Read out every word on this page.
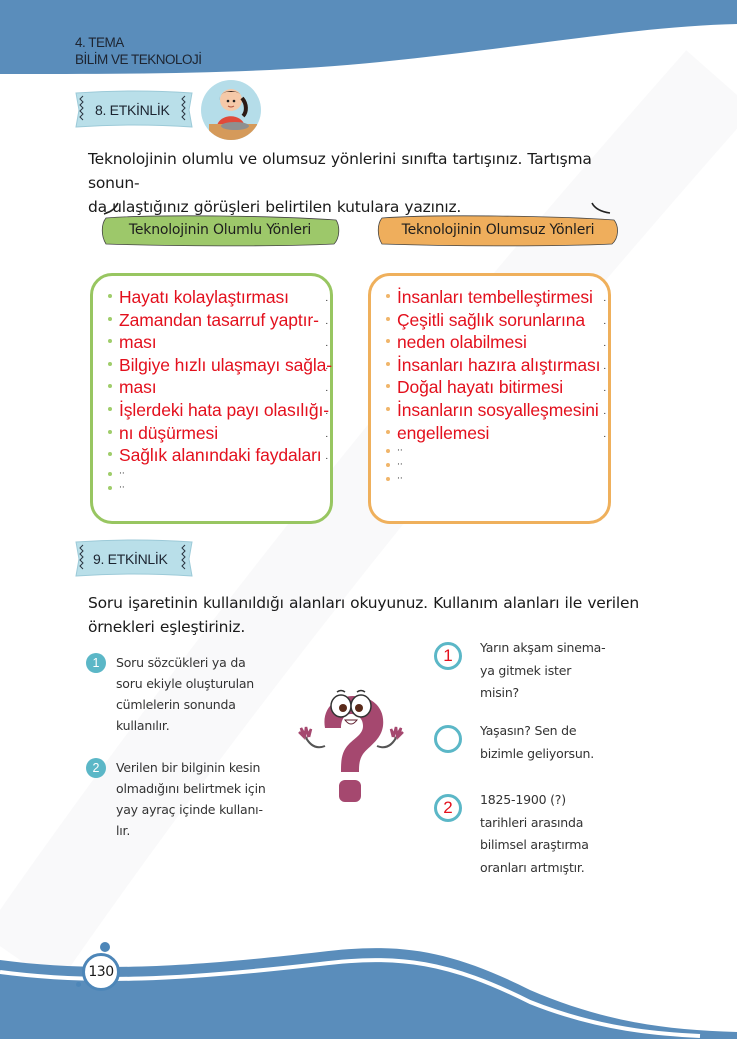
4. TEMA
BİLİM VE TEKNOLOJİ
8. ETKİNLİK
Teknolojinin olumlu ve olumsuz yönlerini sınıfta tartışınız. Tartışma sonun-
da ulaştığınız görüşleri belirtilen kutulara yazınız.
Teknolojinin Olumlu Yönleri	Teknolojinin Olumsuz Yönleri
Hayatı kolaylaştırması .
Zamandan tasarruf yaptır- .
ması .
Bilgiye hızlı ulaşmayı sağla- .
ması .
İşlerdeki hata payı olasılığı- .
nı düşürmesi .
Sağlık alanındaki faydaları .
··
··
İnsanları tembelleştirmesi .
Çeşitli sağlık sorunlarına .
neden olabilmesi .
İnsanları hazıra alıştırması .
Doğal hayatı bitirmesi .
İnsanların sosyalleşmesini .
engellemesi .
··
··
··
9. ETKİNLİK
Soru işaretinin kullanıldığı alanları okuyunuz. Kullanım alanları ile verilen
örnekleri eşleştiriniz.
1	Soru sözcükleri ya da
soru ekiyle oluşturulan
cümlelerin sonunda
kullanılır.
2	Verilen bir bilginin kesin
olmadığını belirtmek için
yay ayraç içinde kullanı-
lır.
1	Yarın akşam sinema-
ya gitmek ister
misin?
Yaşasın? Sen de
bizimle geliyorsun.
2	1825-1900 (?)
tarihleri arasında
bilimsel araştırma
oranları artmıştır.
130
